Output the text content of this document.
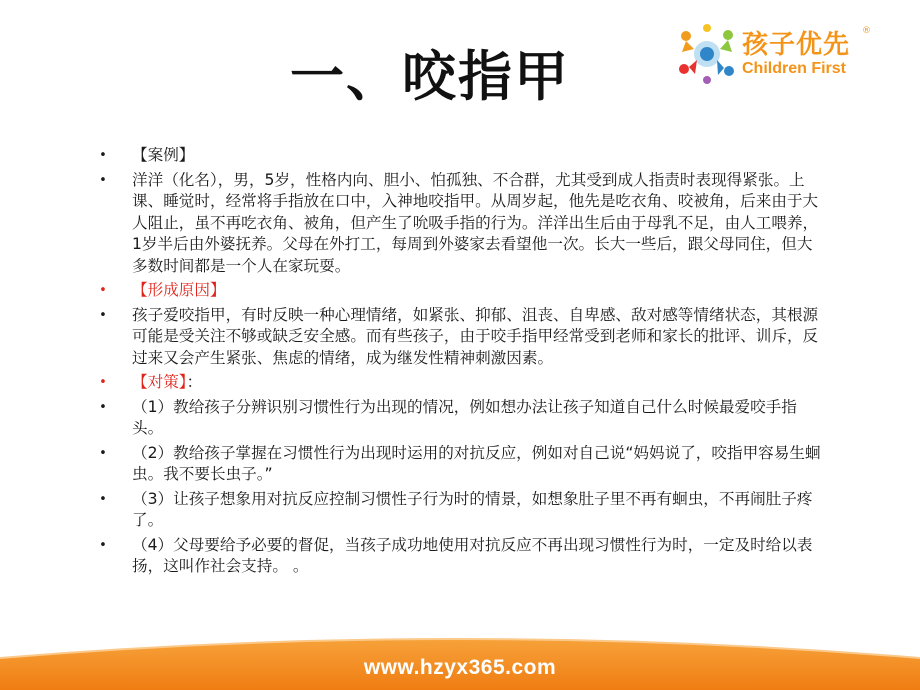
一、咬指甲	孩子优先 ®
Children First
• 【案例】
• 洋洋（化名），男，5岁，性格内向、胆小、怕孤独、不合群，尤其受到成人指责时表现得紧张。上课、睡觉时，经常将手指放在口中，入神地咬指甲。从周岁起，他先是吃衣角、咬被角，后来由于大人阻止，虽不再吃衣角、被角，但产生了吮吸手指的行为。洋洋出生后由于母乳不足，由人工喂养，1岁半后由外婆抚养。父母在外打工，每周到外婆家去看望他一次。长大一些后，跟父母同住，但大多数时间都是一个人在家玩耍。
• 【形成原因】
• 孩子爱咬指甲，有时反映一种心理情绪，如紧张、抑郁、沮丧、自卑感、敌对感等情绪状态，其根源可能是受关注不够或缺乏安全感。而有些孩子，由于咬手指甲经常受到老师和家长的批评、训斥，反过来又会产生紧张、焦虑的情绪，成为继发性精神刺激因素。
• 【对策】：
• （1）教给孩子分辨识别习惯性行为出现的情况，例如想办法让孩子知道自己什么时候最爱咬手指头。
• （2）教给孩子掌握在习惯性行为出现时运用的对抗反应，例如对自己说“妈妈说了，咬指甲容易生蛔虫。我不要长虫子。”
• （3）让孩子想象用对抗反应控制习惯性子行为时的情景，如想象肚子里不再有蛔虫，不再闹肚子疼了。
• （4）父母要给予必要的督促，当孩子成功地使用对抗反应不再出现习惯性行为时，一定及时给以表扬，这叫作社会支持。 。
www.hzyx365.com
